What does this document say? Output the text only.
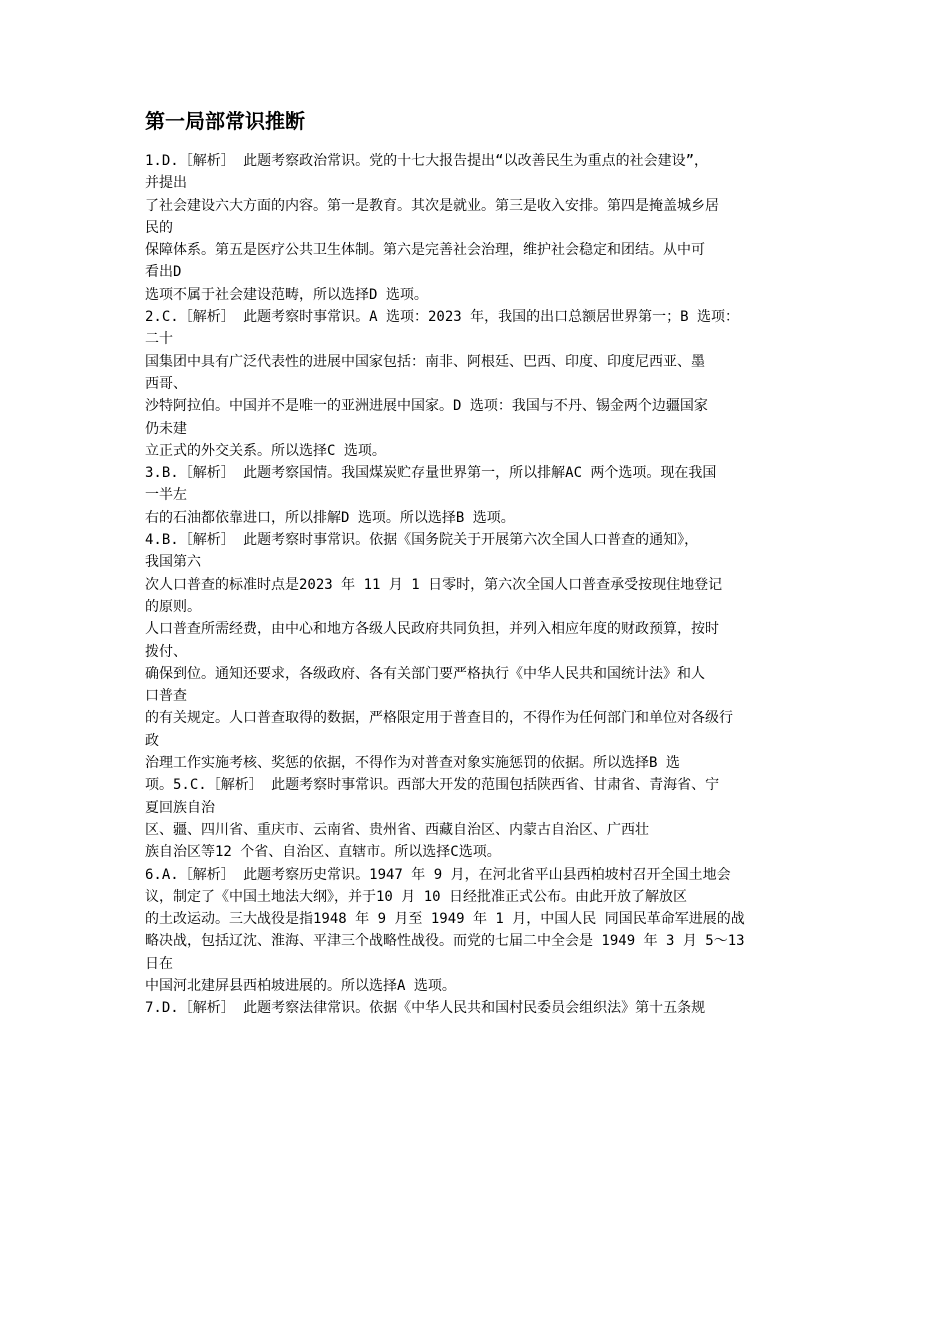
第一局部常识推断
1.D.［解析］ 此题考察政治常识。党的十七大报告提出“以改善民生为重点的社会建设”，
并提出
了社会建设六大方面的内容。第一是教育。其次是就业。第三是收入安排。第四是掩盖城乡居
民的
保障体系。第五是医疗公共卫生体制。第六是完善社会治理，维护社会稳定和团结。从中可
看出D
选项不属于社会建设范畴，所以选择D 选项。
2.C.［解析］ 此题考察时事常识。A 选项：2023 年，我国的出口总额居世界第一；B 选项：
二十
国集团中具有广泛代表性的进展中国家包括：南非、阿根廷、巴西、印度、印度尼西亚、墨
西哥、
沙特阿拉伯。中国并不是唯一的亚洲进展中国家。D 选项：我国与不丹、锡金两个边疆国家
仍未建
立正式的外交关系。所以选择C 选项。
3.B.［解析］ 此题考察国情。我国煤炭贮存量世界第一，所以排解AC 两个选项。现在我国
一半左
右的石油都依靠进口，所以排解D 选项。所以选择B 选项。
4.B.［解析］ 此题考察时事常识。依据《国务院关于开展第六次全国人口普查的通知》，
我国第六
次人口普查的标准时点是2023 年 11 月 1 日零时，第六次全国人口普查承受按现住地登记
的原则。
人口普查所需经费，由中心和地方各级人民政府共同负担，并列入相应年度的财政预算，按时
拨付、
确保到位。通知还要求，各级政府、各有关部门要严格执行《中华人民共和国统计法》和人
口普查
的有关规定。人口普查取得的数据，严格限定用于普查目的，不得作为任何部门和单位对各级行
政
治理工作实施考核、奖惩的依据，不得作为对普查对象实施惩罚的依据。所以选择B 选
项。5.C.［解析］ 此题考察时事常识。西部大开发的范围包括陕西省、甘肃省、青海省、宁
夏回族自治
区、疆、四川省、重庆市、云南省、贵州省、西藏自治区、内蒙古自治区、广西壮
族自治区等12 个省、自治区、直辖市。所以选择C选项。
6.A.［解析］ 此题考察历史常识。1947 年 9 月，在河北省平山县西柏坡村召开全国土地会
议，制定了《中国土地法大纲》，并于10 月 10 日经批准正式公布。由此开放了解放区
的土改运动。三大战役是指1948 年 9 月至 1949 年 1 月，中国人民 同国民革命军进展的战
略决战，包括辽沈、淮海、平津三个战略性战役。而党的七届二中全会是 1949 年 3 月 5～13
日在
中国河北建屏县西柏坡进展的。所以选择A 选项。
7.D.［解析］ 此题考察法律常识。依据《中华人民共和国村民委员会组织法》第十五条规
